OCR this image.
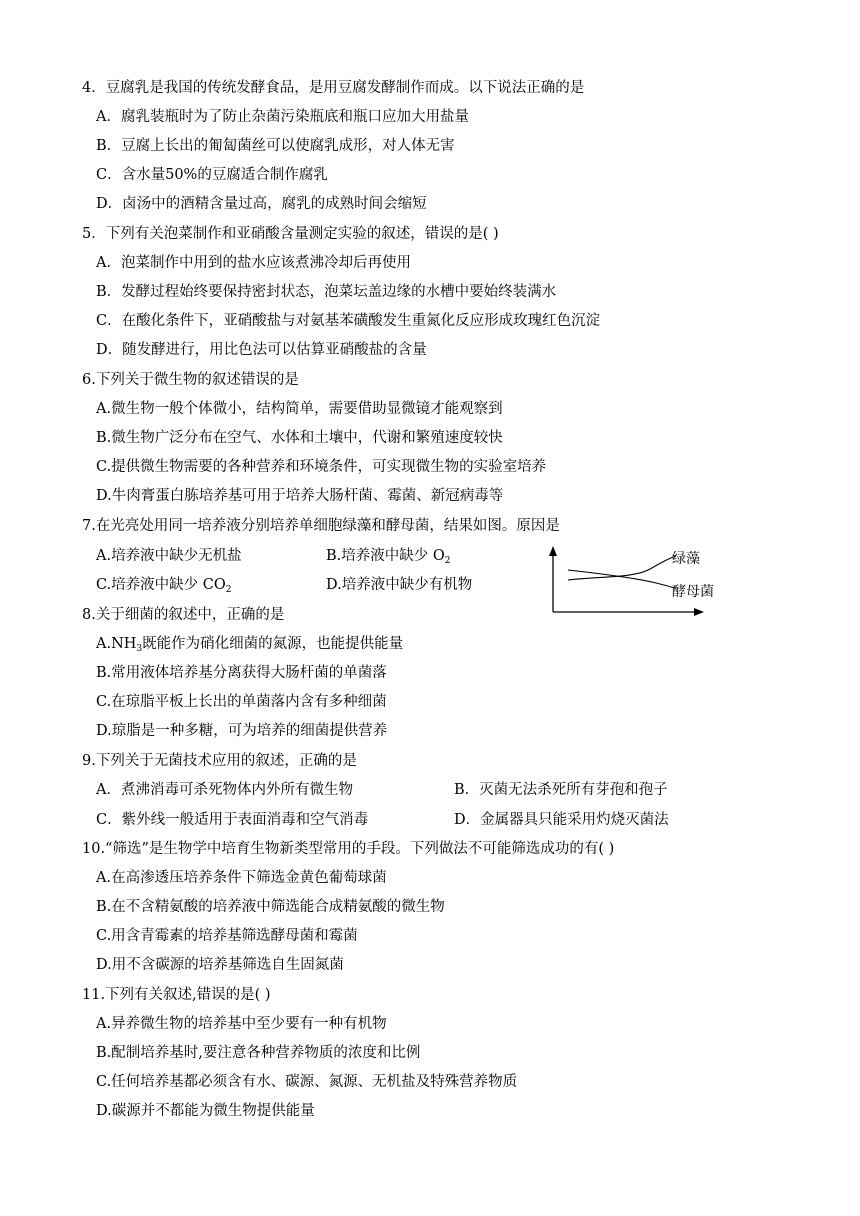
4．豆腐乳是我国的传统发酵食品，是用豆腐发酵制作而成。以下说法正确的是
A．腐乳装瓶时为了防止杂菌污染瓶底和瓶口应加大用盐量
B．豆腐上长出的匍匐菌丝可以使腐乳成形，对人体无害
C．含水量50%的豆腐适合制作腐乳
D．卤汤中的酒精含量过高，腐乳的成熟时间会缩短
5．下列有关泡菜制作和亚硝酸含量测定实验的叙述，错误的是( )
A．泡菜制作中用到的盐水应该煮沸冷却后再使用
B．发酵过程始终要保持密封状态，泡菜坛盖边缘的水槽中要始终装满水
C．在酸化条件下，亚硝酸盐与对氨基苯磺酸发生重氮化反应形成玫瑰红色沉淀
D．随发酵进行，用比色法可以估算亚硝酸盐的含量
6.下列关于微生物的叙述错误的是
A.微生物一般个体微小，结构简单，需要借助显微镜才能观察到
B.微生物广泛分布在空气、水体和土壤中，代谢和繁殖速度较快
C.提供微生物需要的各种营养和环境条件，可实现微生物的实验室培养
D.牛肉膏蛋白胨培养基可用于培养大肠杆菌、霉菌、新冠病毒等
7.在光亮处用同一培养液分别培养单细胞绿藻和酵母菌，结果如图。原因是
A.培养液中缺少无机盐	B.培养液中缺少 $O_2$
C.培养液中缺少 $CO_2$	D.培养液中缺少有机物
绿藻
酵母菌
8.关于细菌的叙述中，正确的是
$A.NH_3$既能作为硝化细菌的氮源，也能提供能量
B.常用液体培养基分离获得大肠杆菌的单菌落
C.在琼脂平板上长出的单菌落内含有多种细菌
D.琼脂是一种多糖，可为培养的细菌提供营养
9.下列关于无菌技术应用的叙述，正确的是
A．煮沸消毒可杀死物体内外所有微生物	B．灭菌无法杀死所有芽孢和孢子
C．紫外线一般适用于表面消毒和空气消毒	D．金属器具只能采用灼烧灭菌法
10.“筛选”是生物学中培育生物新类型常用的手段。下列做法不可能筛选成功的有( )
A.在高渗透压培养条件下筛选金黄色葡萄球菌
B.在不含精氨酸的培养液中筛选能合成精氨酸的微生物
C.用含青霉素的培养基筛选酵母菌和霉菌
D.用不含碳源的培养基筛选自生固氮菌
11.下列有关叙述,错误的是( )
A.异养微生物的培养基中至少要有一种有机物
B.配制培养基时,要注意各种营养物质的浓度和比例
C.任何培养基都必须含有水、碳源、氮源、无机盐及特殊营养物质
D.碳源并不都能为微生物提供能量
